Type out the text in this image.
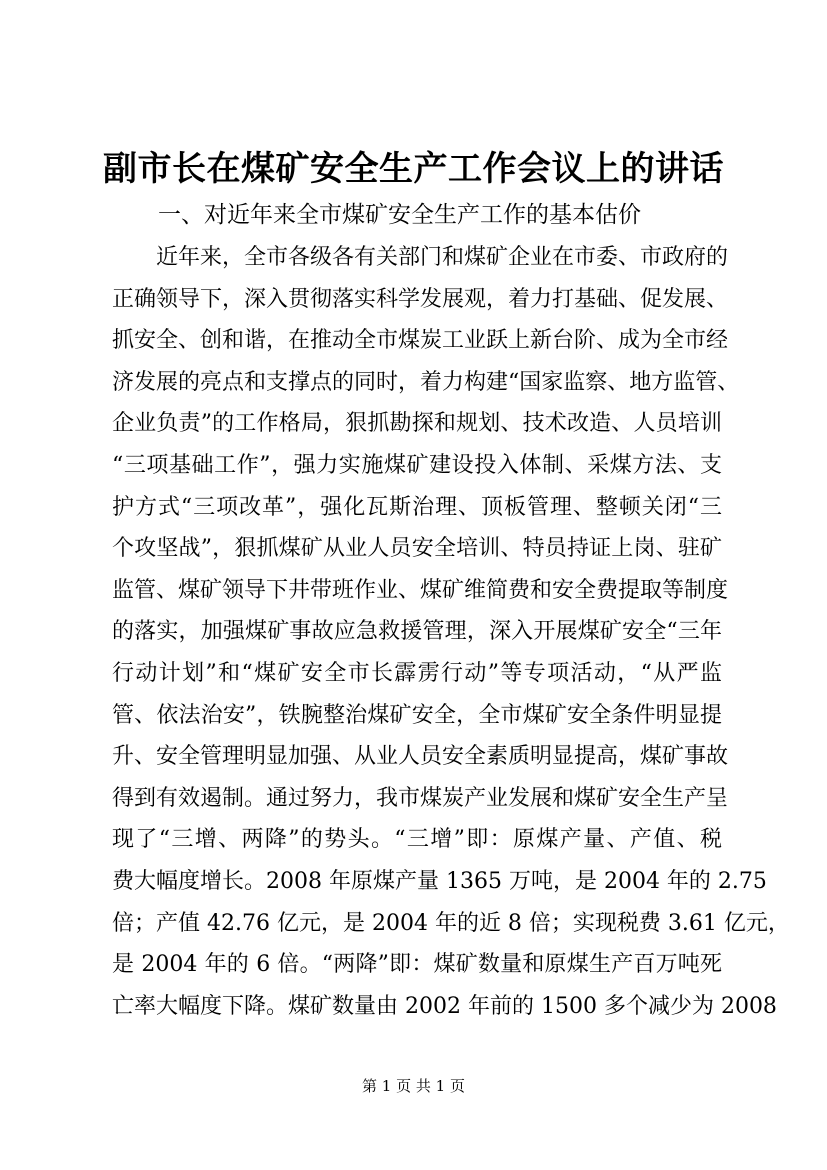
副市长在煤矿安全生产工作会议上的讲话
一、对近年来全市煤矿安全生产工作的基本估价
近年来，全市各级各有关部门和煤矿企业在市委、市政府的
正确领导下，深入贯彻落实科学发展观，着力打基础、促发展、
抓安全、创和谐，在推动全市煤炭工业跃上新台阶、成为全市经
济发展的亮点和支撑点的同时，着力构建“国家监察、地方监管、
企业负责”的工作格局，狠抓勘探和规划、技术改造、人员培训
“三项基础工作”，强力实施煤矿建设投入体制、采煤方法、支
护方式“三项改革”，强化瓦斯治理、顶板管理、整顿关闭“三
个攻坚战”，狠抓煤矿从业人员安全培训、特员持证上岗、驻矿
监管、煤矿领导下井带班作业、煤矿维简费和安全费提取等制度
的落实，加强煤矿事故应急救援管理，深入开展煤矿安全“三年
行动计划”和“煤矿安全市长霹雳行动”等专项活动，“从严监
管、依法治安”，铁腕整治煤矿安全，全市煤矿安全条件明显提
升、安全管理明显加强、从业人员安全素质明显提高，煤矿事故
得到有效遏制。通过努力，我市煤炭产业发展和煤矿安全生产呈
现了“三增、两降”的势头。“三增”即：原煤产量、产值、税
费大幅度增长。2008 年原煤产量 1365 万吨，是 2004 年的 2.75
倍；产值 42.76 亿元，是 2004 年的近 8 倍；实现税费 3.61 亿元，
是 2004 年的 6 倍。“两降”即：煤矿数量和原煤生产百万吨死
亡率大幅度下降。煤矿数量由 2002 年前的 1500 多个减少为 2008
第 1 页 共 1 页
